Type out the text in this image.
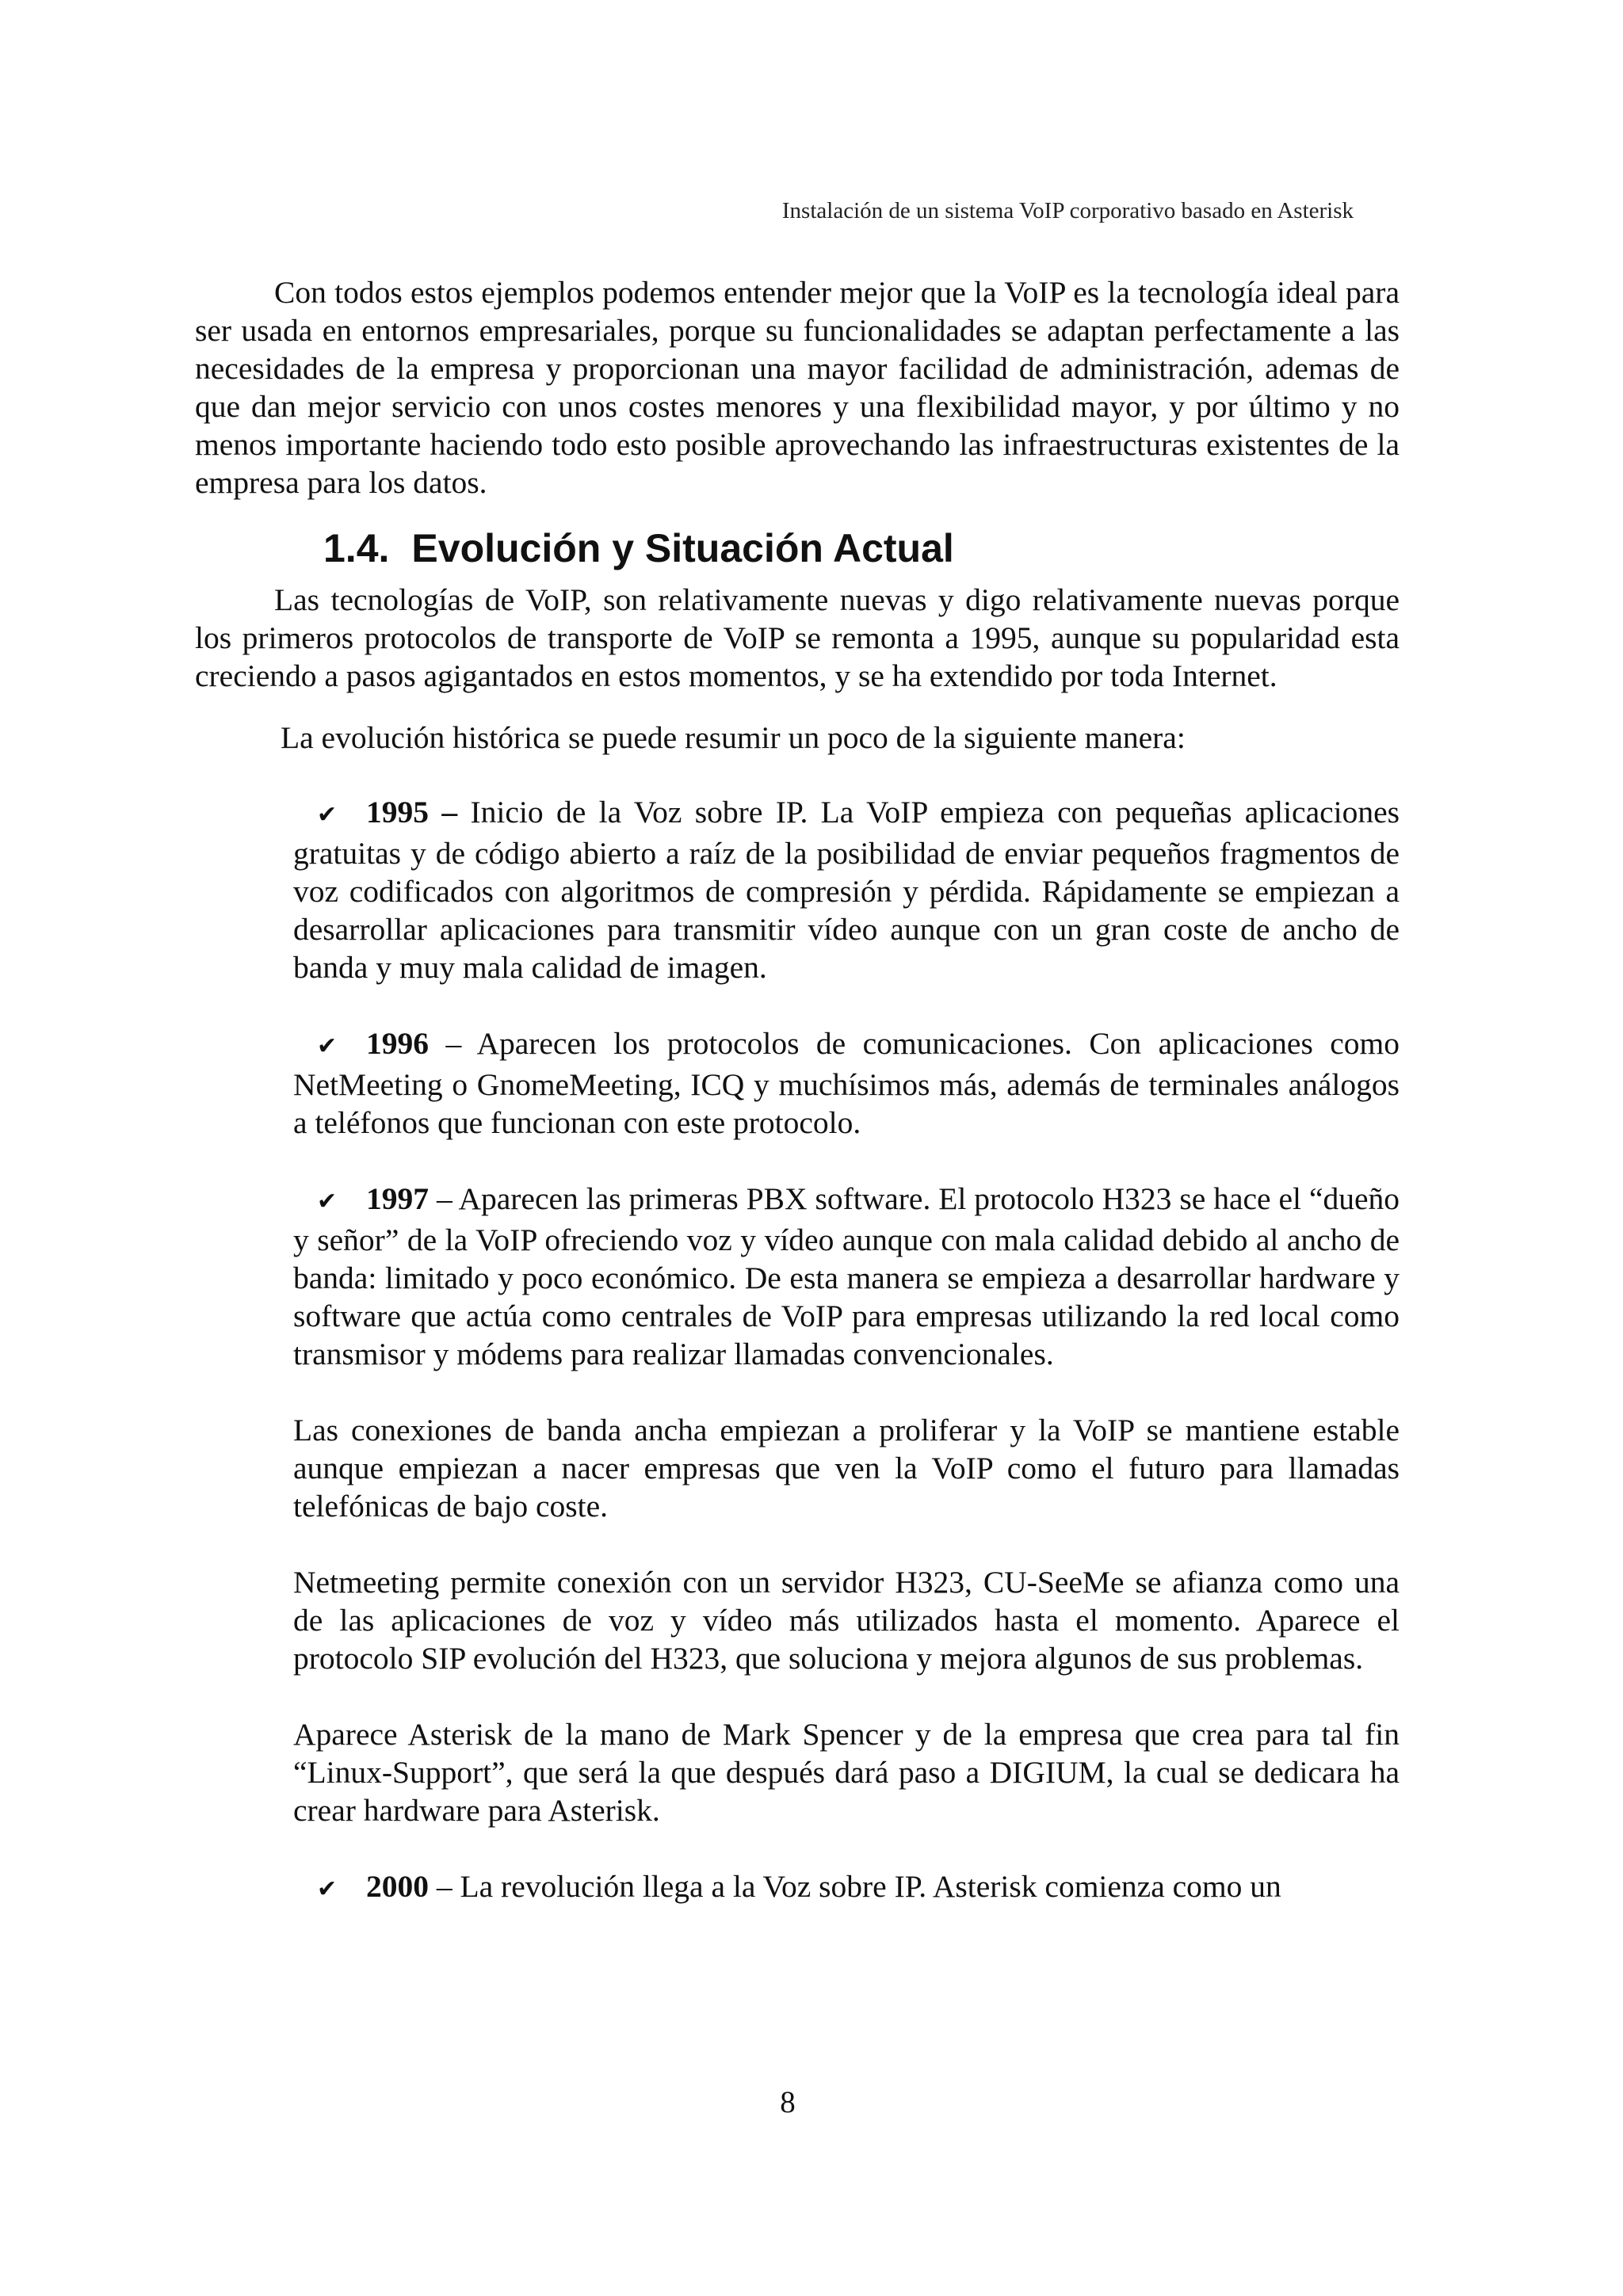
Instalación de un sistema VoIP corporativo basado en Asterisk

Con todos estos ejemplos podemos entender mejor que la VoIP es la tecnología ideal para ser usada en entornos empresariales, porque su funcionalidades se adaptan perfectamente a las necesidades de la empresa y proporcionan una mayor facilidad de administración, ademas de que dan mejor servicio con unos costes menores y una flexibilidad mayor, y por último y no menos importante haciendo todo esto posible aprovechando las infraestructuras existentes de la empresa para los datos.

1.4. Evolución y Situación Actual

Las tecnologías de VoIP, son relativamente nuevas y digo relativamente nuevas porque los primeros protocolos de transporte de VoIP se remonta a 1995, aunque su popularidad esta creciendo a pasos agigantados en estos momentos, y se ha extendido por toda Internet.

La evolución histórica se puede resumir un poco de la siguiente manera:

✔ 1995 – Inicio de la Voz sobre IP. La VoIP empieza con pequeñas aplicaciones gratuitas y de código abierto a raíz de la posibilidad de enviar pequeños fragmentos de voz codificados con algoritmos de compresión y pérdida. Rápidamente se empiezan a desarrollar aplicaciones para transmitir vídeo aunque con un gran coste de ancho de banda y muy mala calidad de imagen.
✔ 1996 – Aparecen los protocolos de comunicaciones. Con aplicaciones como NetMeeting o GnomeMeeting, ICQ y muchísimos más, además de terminales análogos a teléfonos que funcionan con este protocolo.
✔ 1997 – Aparecen las primeras PBX software. El protocolo H323 se hace el “dueño y señor” de la VoIP ofreciendo voz y vídeo aunque con mala calidad debido al ancho de banda: limitado y poco económico. De esta manera se empieza a desarrollar hardware y software que actúa como centrales de VoIP para empresas utilizando la red local como transmisor y módems para realizar llamadas convencionales.

Las conexiones de banda ancha empiezan a proliferar y la VoIP se mantiene estable aunque empiezan a nacer empresas que ven la VoIP como el futuro para llamadas telefónicas de bajo coste.

Netmeeting permite conexión con un servidor H323, CU-SeeMe se afianza como una de las aplicaciones de voz y vídeo más utilizados hasta el momento. Aparece el protocolo SIP evolución del H323, que soluciona y mejora algunos de sus problemas.

Aparece Asterisk de la mano de Mark Spencer y de la empresa que crea para tal fin “Linux-Support”, que será la que después dará paso a DIGIUM, la cual se dedicara ha crear hardware para Asterisk.

✔ 2000 – La revolución llega a la Voz sobre IP. Asterisk comienza como un
8
